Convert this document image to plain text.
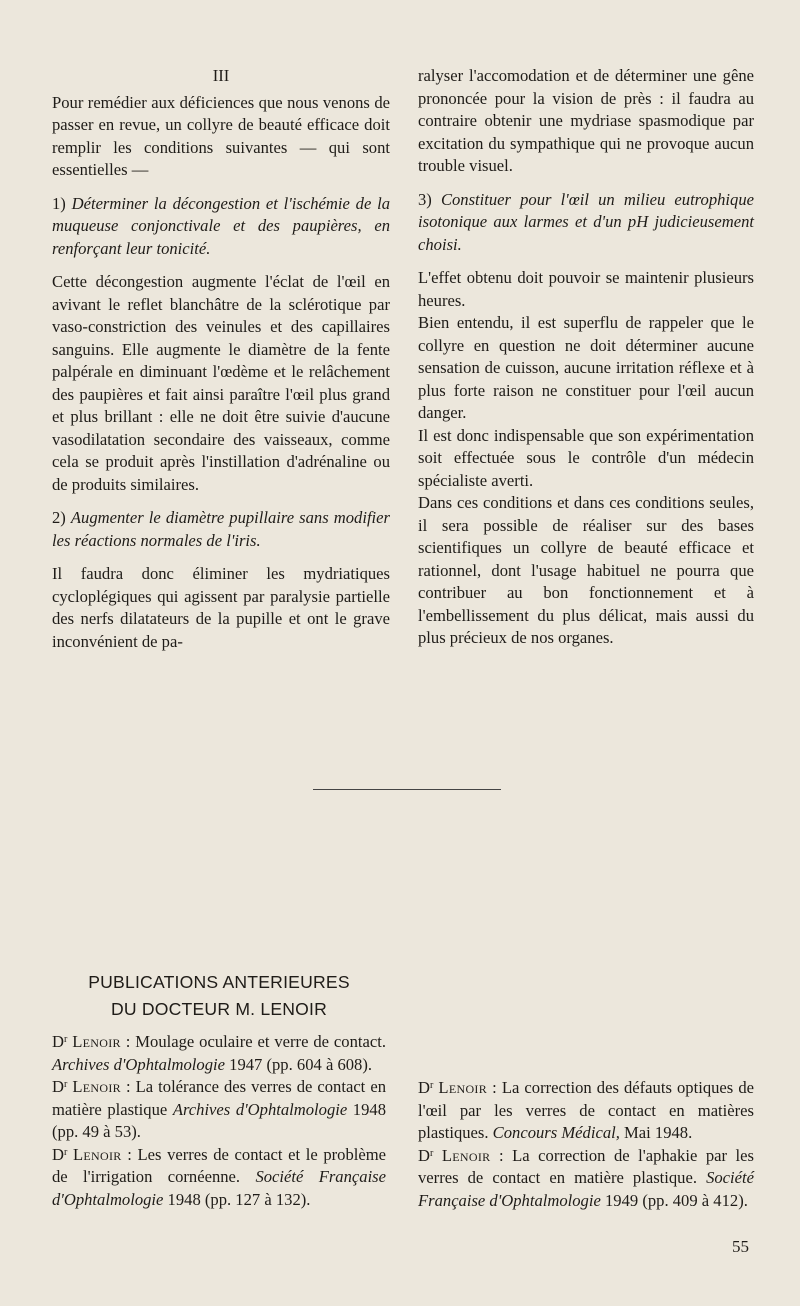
III

Pour remédier aux déficiences que nous venons de passer en revue, un collyre de beauté efficace doit remplir les conditions suivantes — qui sont essentielles —

1) Déterminer la décongestion et l'ischémie de la muqueuse conjonctivale et des paupières, en renforçant leur tonicité.

Cette décongestion augmente l'éclat de l'œil en avivant le reflet blanchâtre de la sclérotique par vaso-constriction des veinules et des capillaires sanguins. Elle augmente le diamètre de la fente palpérale en diminuant l'œdème et le relâchement des paupières et fait ainsi paraître l'œil plus grand et plus brillant : elle ne doit être suivie d'aucune vasodilatation secondaire des vaisseaux, comme cela se produit après l'instillation d'adrénaline ou de produits similaires.

2) Augmenter le diamètre pupillaire sans modifier les réactions normales de l'iris.

Il faudra donc éliminer les mydriatiques cycloplégiques qui agissent par paralysie partielle des nerfs dilatateurs de la pupille et ont le grave inconvénient de pa-

ralyser l'accomodation et de déterminer une gêne prononcée pour la vision de près : il faudra au contraire obtenir une mydriase spasmodique par excitation du sympathique qui ne provoque aucun trouble visuel.

3) Constituer pour l'œil un milieu eutrophique isotonique aux larmes et d'un pH judicieusement choisi.

L'effet obtenu doit pouvoir se maintenir plusieurs heures.

Bien entendu, il est superflu de rappeler que le collyre en question ne doit déterminer aucune sensation de cuisson, aucune irritation réflexe et à plus forte raison ne constituer pour l'œil aucun danger.

Il est donc indispensable que son expérimentation soit effectuée sous le contrôle d'un médecin spécialiste averti.

Dans ces conditions et dans ces conditions seules, il sera possible de réaliser sur des bases scientifiques un collyre de beauté efficace et rationnel, dont l'usage habituel ne pourra que contribuer au bon fonctionnement et à l'embellissement du plus délicat, mais aussi du plus précieux de nos organes.

PUBLICATIONS ANTERIEURES
DU DOCTEUR M. LENOIR

$D^r$ Lenoir : Moulage oculaire et verre de contact. Archives d'Ophtalmologie 1947 (pp. 604 à 608).

$D^r$ Lenoir : La tolérance des verres de contact en matière plastique Archives d'Ophtalmologie 1948 (pp. 49 à 53).

$D^r$ Lenoir : Les verres de contact et le problème de l'irrigation cornéenne. Société Française d'Ophtalmologie 1948 (pp. 127 à 132).

$D^r$ Lenoir : La correction des défauts optiques de l'œil par les verres de contact en matières plastiques. Concours Médical, Mai 1948.

$D^r$ Lenoir : La correction de l'aphakie par les verres de contact en matière plastique. Société Française d'Ophtalmologie 1949 (pp. 409 à 412).

55
